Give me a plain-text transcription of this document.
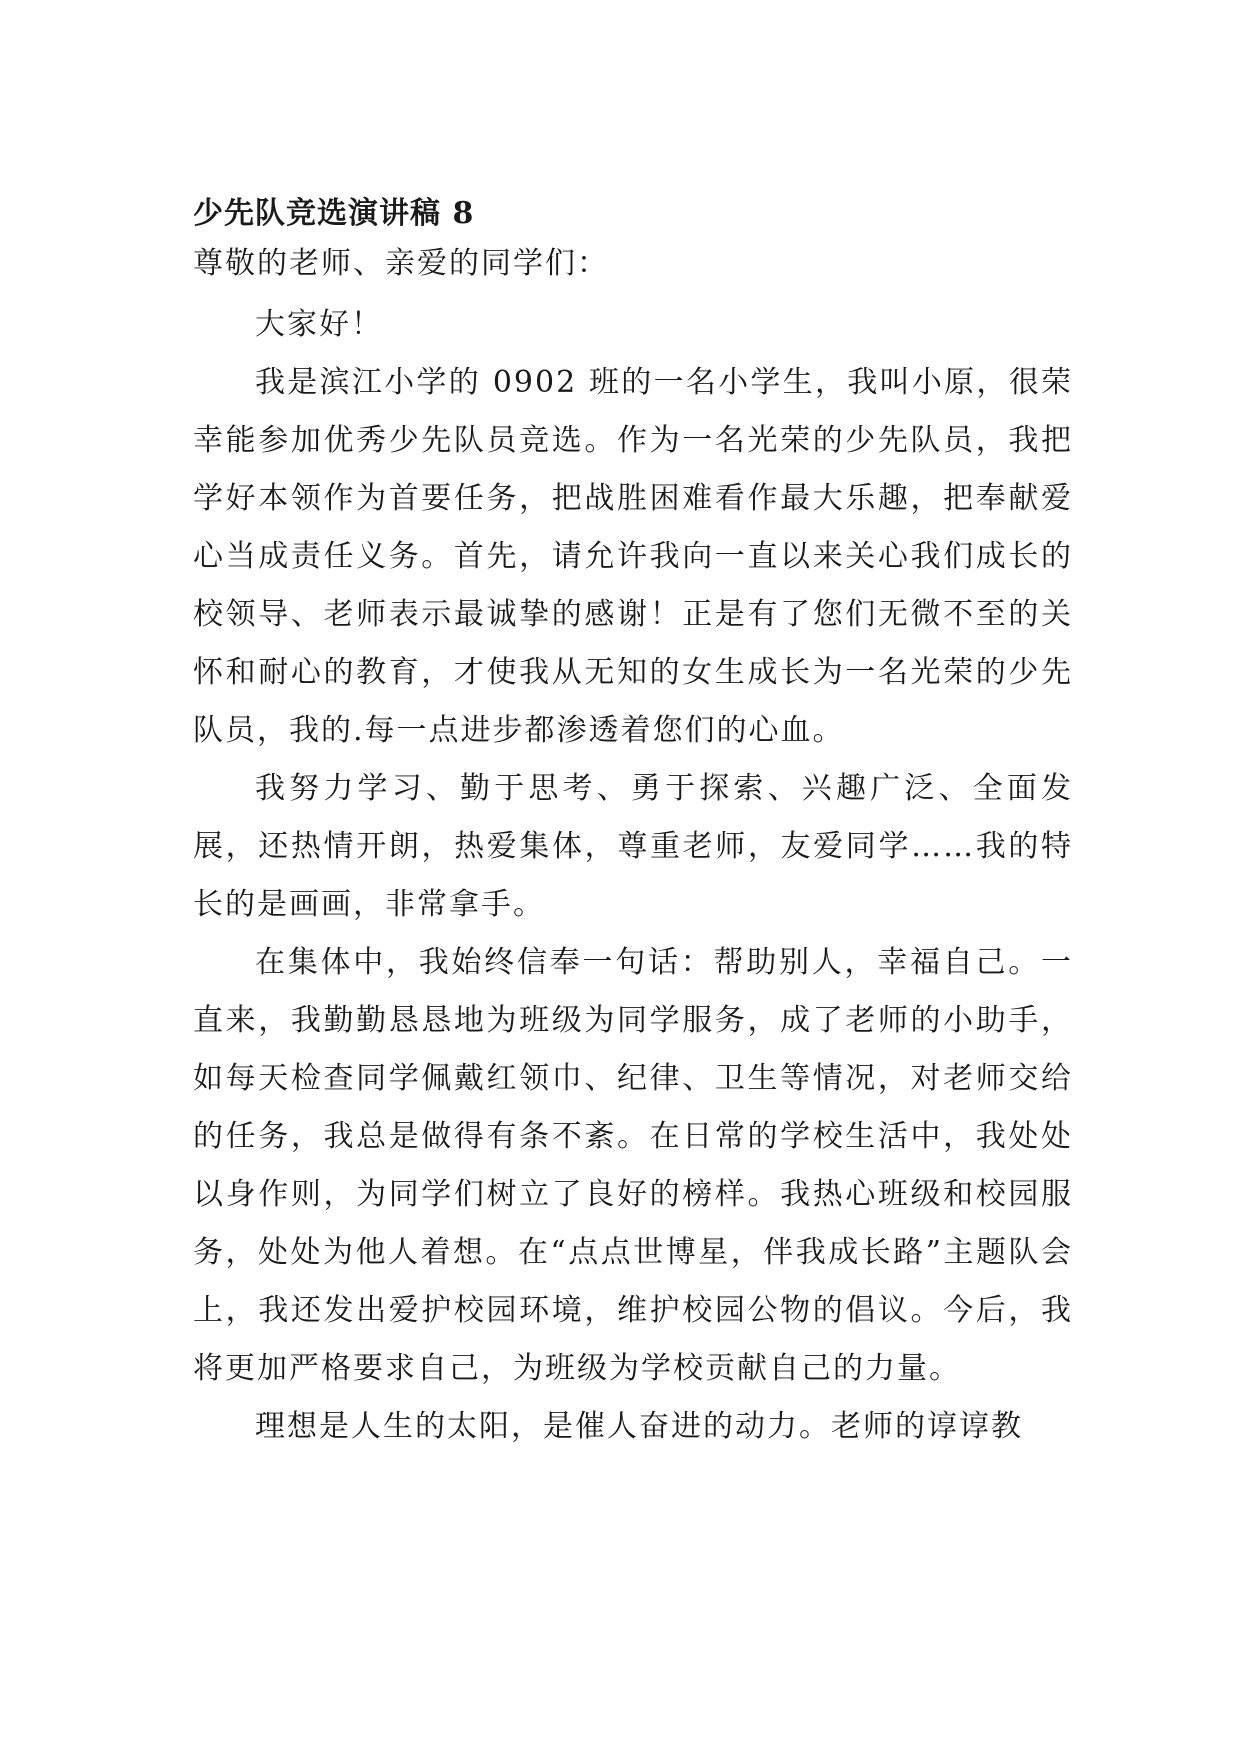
少先队竞选演讲稿 8

尊敬的老师、亲爱的同学们：

大家好！

我是滨江小学的 0902 班的一名小学生，我叫小原，很荣幸能参加优秀少先队员竞选。作为一名光荣的少先队员，我把学好本领作为首要任务，把战胜困难看作最大乐趣，把奉献爱心当成责任义务。首先，请允许我向一直以来关心我们成长的校领导、老师表示最诚挚的感谢！正是有了您们无微不至的关怀和耐心的教育，才使我从无知的女生成长为一名光荣的少先队员，我的.每一点进步都渗透着您们的心血。

我努力学习、勤于思考、勇于探索、兴趣广泛、全面发展，还热情开朗，热爱集体，尊重老师，友爱同学……我的特长的是画画，非常拿手。

在集体中，我始终信奉一句话：帮助别人，幸福自己。一直来，我勤勤恳恳地为班级为同学服务，成了老师的小助手，如每天检查同学佩戴红领巾、纪律、卫生等情况，对老师交给的任务，我总是做得有条不紊。在日常的学校生活中，我处处以身作则，为同学们树立了良好的榜样。我热心班级和校园服务，处处为他人着想。在“点点世博星，伴我成长路”主题队会上，我还发出爱护校园环境，维护校园公物的倡议。今后，我将更加严格要求自己，为班级为学校贡献自己的力量。

理想是人生的太阳，是催人奋进的动力。老师的谆谆教
